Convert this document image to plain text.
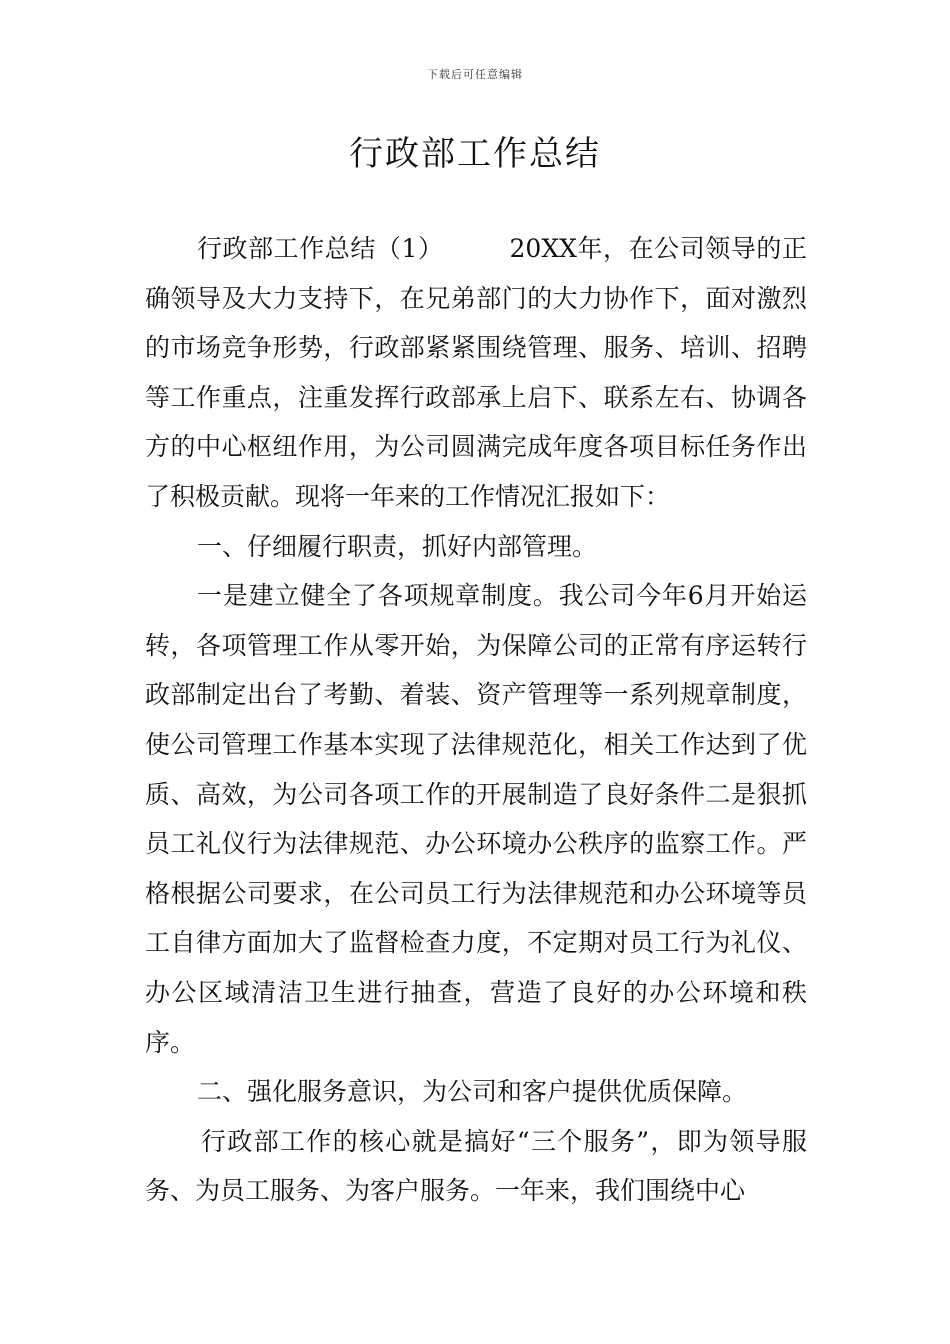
下载后可任意编辑
行政部工作总结

行政部工作总结（1）	20XX年，在公司领导的正确领导及大力支持下，在兄弟部门的大力协作下，面对激烈的市场竞争形势，行政部紧紧围绕管理、服务、培训、招聘等工作重点，注重发挥行政部承上启下、联系左右、协调各方的中心枢纽作用，为公司圆满完成年度各项目标任务作出了积极贡献。现将一年来的工作情况汇报如下：

一、仔细履行职责，抓好内部管理。

一是建立健全了各项规章制度。我公司今年6月开始运转，各项管理工作从零开始，为保障公司的正常有序运转行政部制定出台了考勤、着装、资产管理等一系列规章制度，使公司管理工作基本实现了法律规范化，相关工作达到了优质、高效，为公司各项工作的开展制造了良好条件二是狠抓员工礼仪行为法律规范、办公环境办公秩序的监察工作。严格根据公司要求，在公司员工行为法律规范和办公环境等员工自律方面加大了监督检查力度，不定期对员工行为礼仪、办公区域清洁卫生进行抽查，营造了良好的办公环境和秩序。

二、强化服务意识，为公司和客户提供优质保障。

行政部工作的核心就是搞好“三个服务”，即为领导服务、为员工服务、为客户服务。一年来，我们围绕中心
